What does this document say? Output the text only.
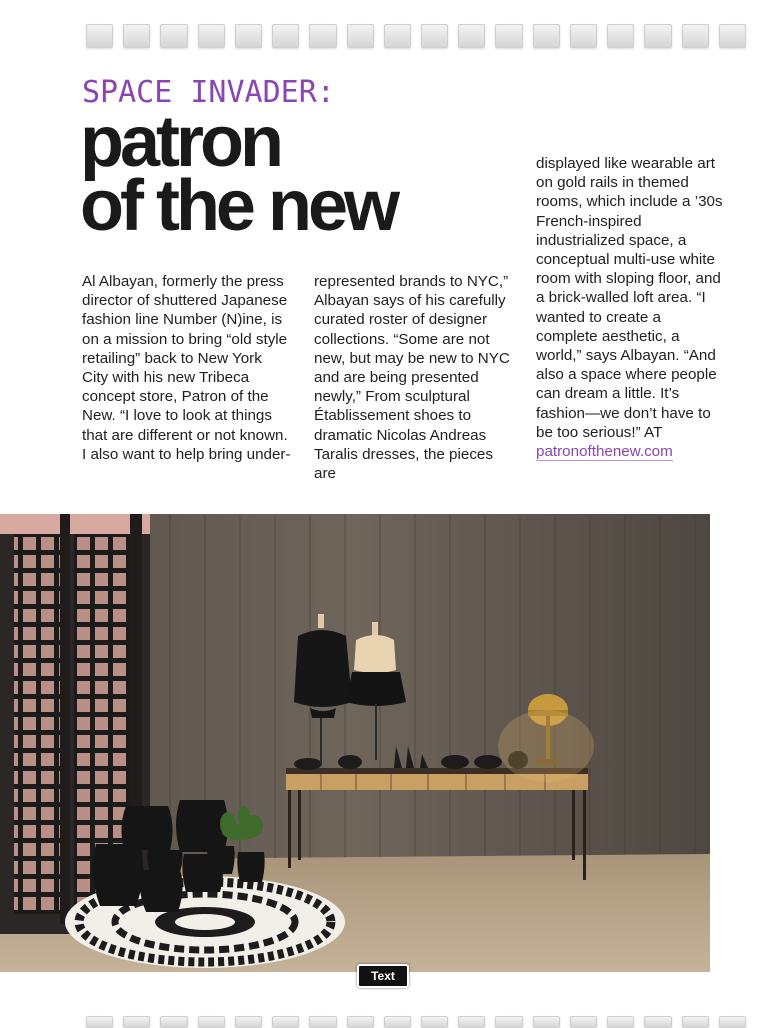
SPACE INVADER:
patron
of the new

Al Albayan, formerly the press director of shuttered Japanese fashion line Number (N)ine, is on a mission to bring “old style retailing” back to New York City with his new Tribeca concept store, Patron of the New. “I love to look at things that are different or not known. I also want to help bring under-

represented brands to NYC,” Albayan says of his carefully curated roster of designer collections. “Some are not new, but may be new to NYC and are being presented newly,” From sculptural Établissement shoes to dramatic Nicolas Andreas Taralis dresses, the pieces are

displayed like wearable art on gold rails in themed rooms, which include a ’30s French-inspired industrialized space, a conceptual multi-use white room with sloping floor, and a brick-walled loft area. “I wanted to create a complete aesthetic, a world,” says Albayan. “And also a space where people can dream a little. It’s fashion—we don’t have to be too serious!” AT patronofthenew.com

Text
